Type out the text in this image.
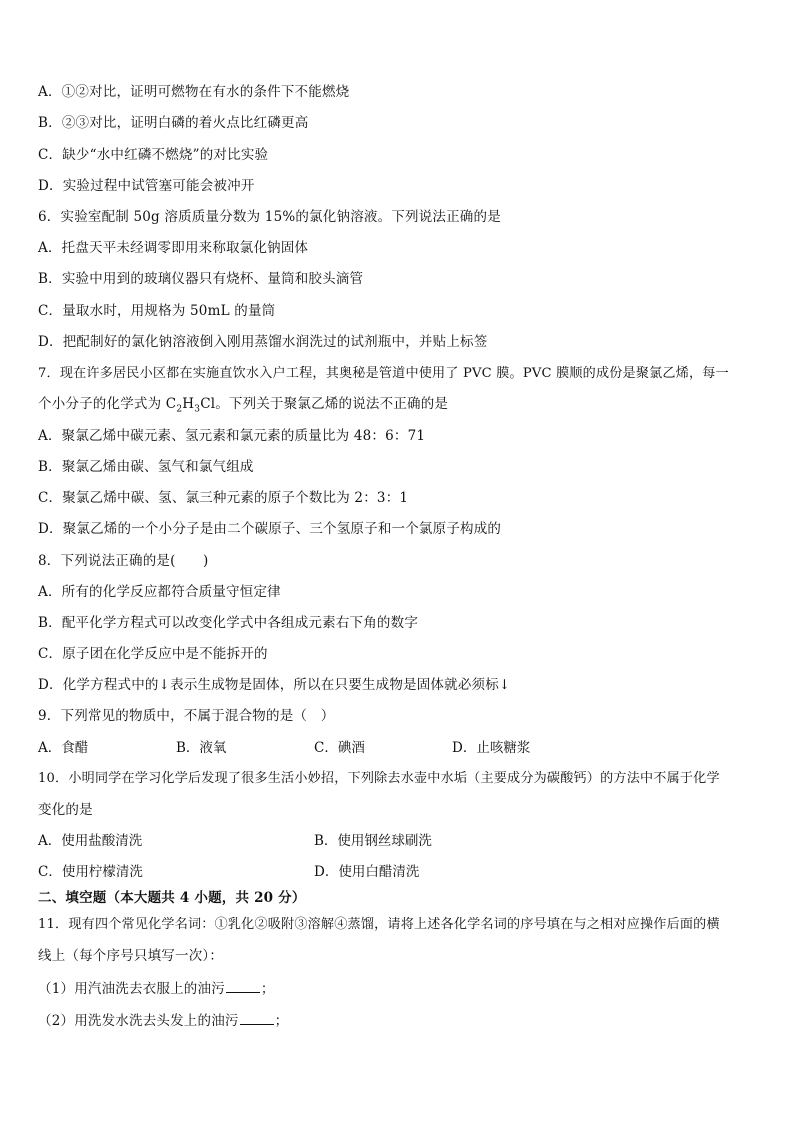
A．①②对比，证明可燃物在有水的条件下不能燃烧
B．②③对比，证明白磷的着火点比红磷更高
C．缺少“水中红磷不燃烧”的对比实验
D．实验过程中试管塞可能会被冲开
6．实验室配制 50g 溶质质量分数为 15%的氯化钠溶液。下列说法正确的是
A．托盘天平未经调零即用来称取氯化钠固体
B．实验中用到的玻璃仪器只有烧杯、量筒和胶头滴管
C．量取水时，用规格为 50mL 的量筒
D．把配制好的氯化钠溶液倒入刚用蒸馏水润洗过的试剂瓶中，并贴上标签
7．现在许多居民小区都在实施直饮水入户工程，其奥秘是管道中使用了 PVC 膜。PVC 膜顺的成份是聚氯乙烯，每一
个小分子的化学式为 $C_2H_3Cl$。下列关于聚氯乙烯的说法不正确的是
A．聚氯乙烯中碳元素、氢元素和氯元素的质量比为 48：6：71
B．聚氯乙烯由碳、氢气和氯气组成
C．聚氯乙烯中碳、氢、氯三种元素的原子个数比为 2：3：1
D．聚氯乙烯的一个小分子是由二个碳原子、三个氢原子和一个氯原子构成的
8．下列说法正确的是(　　)
A．所有的化学反应都符合质量守恒定律
B．配平化学方程式可以改变化学式中各组成元素右下角的数字
C．原子团在化学反应中是不能拆开的
D．化学方程式中的↓表示生成物是固体，所以在只要生成物是固体就必须标↓
9．下列常见的物质中，不属于混合物的是（　）
A．食醋	B．液氧	C．碘酒	D．止咳糖浆
10．小明同学在学习化学后发现了很多生活小妙招，下列除去水壶中水垢（主要成分为碳酸钙）的方法中不属于化学
变化的是
A．使用盐酸清洗	B．使用钢丝球刷洗
C．使用柠檬清洗	D．使用白醋清洗
二、填空题（本大题共 4 小题，共 20 分）
11．现有四个常见化学名词：①乳化②吸附③溶解④蒸馏，请将上述各化学名词的序号填在与之相对应操作后面的横
线上（每个序号只填写一次）：
（1）用汽油洗去衣服上的油污	；
（2）用洗发水洗去头发上的油污	；
